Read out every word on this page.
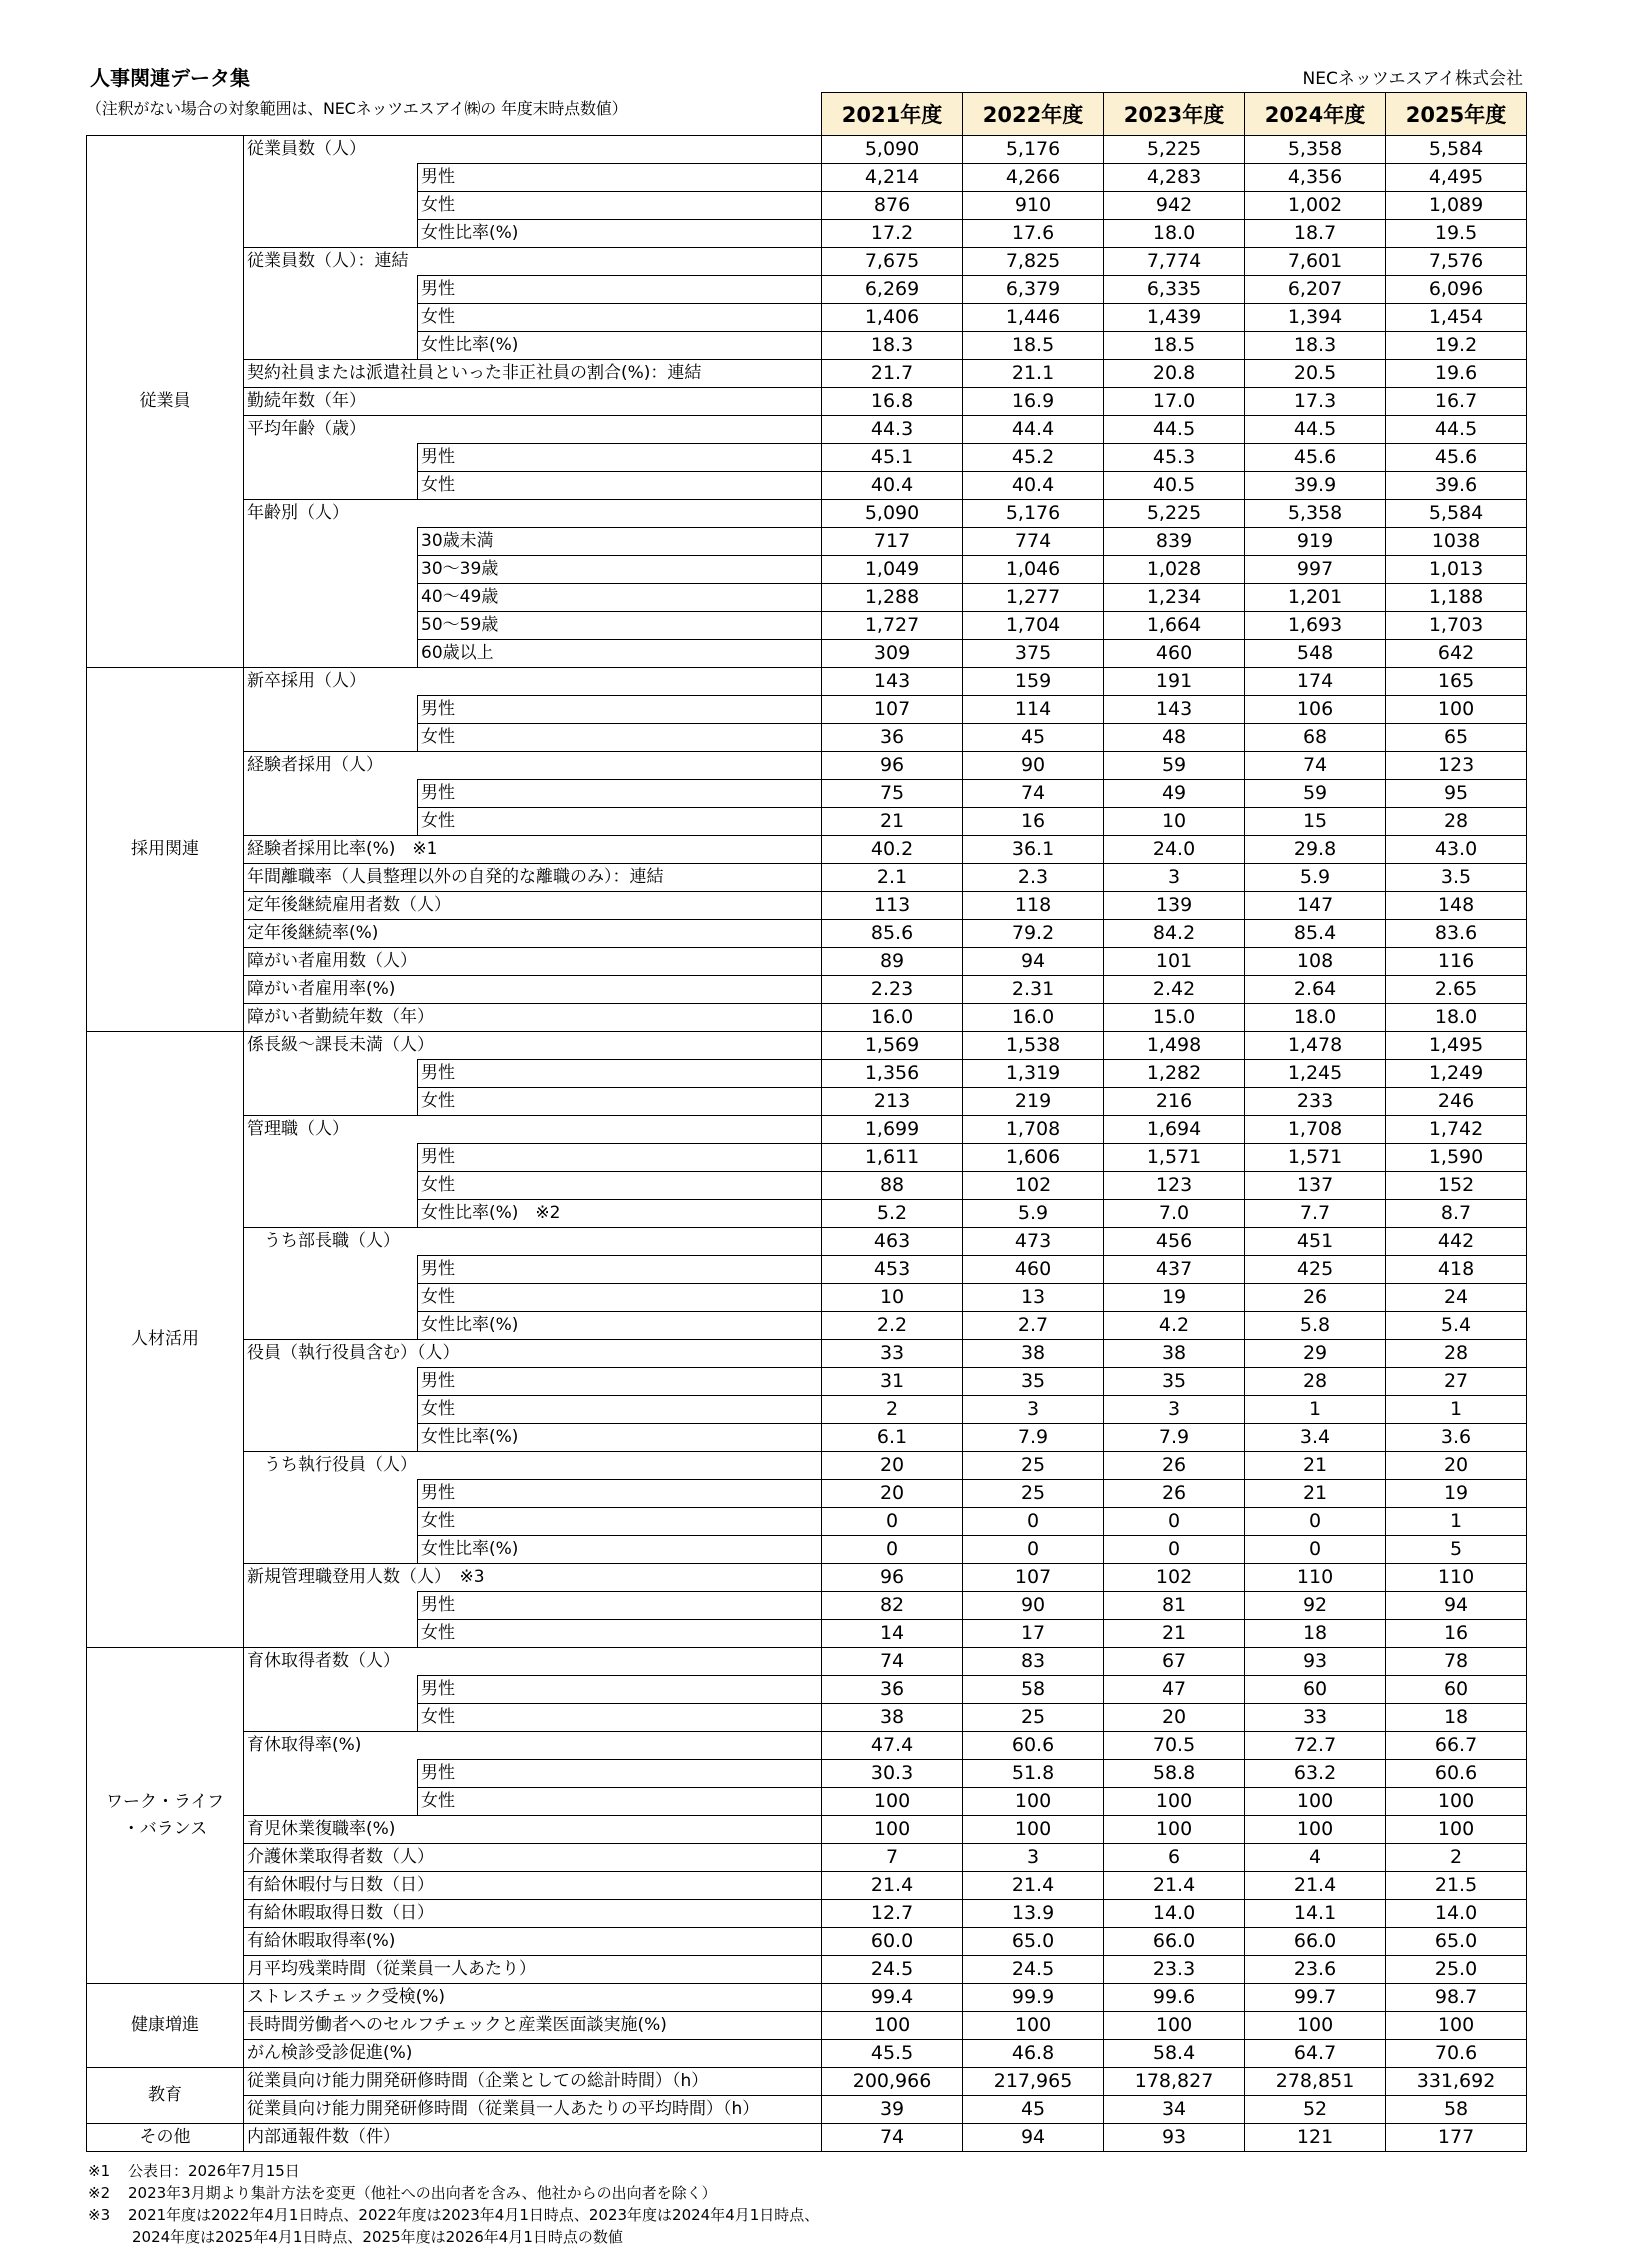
人事関連データ集	NECネッツエスアイ株式会社
（注釈がない場合の対象範囲は、NECネッツエスアイ㈱の 年度末時点数値）
			2021年度	2022年度	2023年度	2024年度	2025年度
従業員	従業員数（人）		5,090	5,176	5,225	5,358	5,584
		男性	4,214	4,266	4,283	4,356	4,495
		女性	876	910	942	1,002	1,089
		女性比率(%)	17.2	17.6	18.0	18.7	19.5
	従業員数（人）：連結		7,675	7,825	7,774	7,601	7,576
		男性	6,269	6,379	6,335	6,207	6,096
		女性	1,406	1,446	1,439	1,394	1,454
		女性比率(%)	18.3	18.5	18.5	18.3	19.2
	契約社員または派遣社員といった非正社員の割合(%)：連結		21.7	21.1	20.8	20.5	19.6
	勤続年数（年）		16.8	16.9	17.0	17.3	16.7
	平均年齢（歳）		44.3	44.4	44.5	44.5	44.5
		男性	45.1	45.2	45.3	45.6	45.6
		女性	40.4	40.4	40.5	39.9	39.6
	年齢別（人）		5,090	5,176	5,225	5,358	5,584
		30歳未満	717	774	839	919	1038
		30～39歳	1,049	1,046	1,028	997	1,013
		40～49歳	1,288	1,277	1,234	1,201	1,188
		50～59歳	1,727	1,704	1,664	1,693	1,703
		60歳以上	309	375	460	548	642
採用関連	新卒採用（人）		143	159	191	174	165
		男性	107	114	143	106	100
		女性	36	45	48	68	65
	経験者採用（人）		96	90	59	74	123
		男性	75	74	49	59	95
		女性	21	16	10	15	28
	経験者採用比率(%)　※1		40.2	36.1	24.0	29.8	43.0
	年間離職率（人員整理以外の自発的な離職のみ）：連結		2.1	2.3	3	5.9	3.5
	定年後継続雇用者数（人）		113	118	139	147	148
	定年後継続率(%)		85.6	79.2	84.2	85.4	83.6
	障がい者雇用数（人）		89	94	101	108	116
	障がい者雇用率(%)		2.23	2.31	2.42	2.64	2.65
	障がい者勤続年数（年）		16.0	16.0	15.0	18.0	18.0
人材活用	係長級～課長未満（人）		1,569	1,538	1,498	1,478	1,495
		男性	1,356	1,319	1,282	1,245	1,249
		女性	213	219	216	233	246
	管理職（人）		1,699	1,708	1,694	1,708	1,742
		男性	1,611	1,606	1,571	1,571	1,590
		女性	88	102	123	137	152
		女性比率(%)　※2	5.2	5.9	7.0	7.7	8.7
	　うち部長職（人）		463	473	456	451	442
		男性	453	460	437	425	418
		女性	10	13	19	26	24
		女性比率(%)	2.2	2.7	4.2	5.8	5.4
	役員（執行役員含む）（人）		33	38	38	29	28
		男性	31	35	35	28	27
		女性	2	3	3	1	1
		女性比率(%)	6.1	7.9	7.9	3.4	3.6
	　うち執行役員（人）		20	25	26	21	20
		男性	20	25	26	21	19
		女性	0	0	0	0	1
		女性比率(%)	0	0	0	0	5
	新規管理職登用人数（人）　※3		96	107	102	110	110
		男性	82	90	81	92	94
		女性	14	17	21	18	16

ワーク・ライフ
・バランス	育休取得者数（人）		74	83	67	93	78
		男性	36	58	47	60	60
		女性	38	25	20	33	18
	育休取得率(%)		47.4	60.6	70.5	72.7	66.7
		男性	30.3	51.8	58.8	63.2	60.6
		女性	100	100	100	100	100
	育児休業復職率(%)		100	100	100	100	100
	介護休業取得者数（人）		7	3	6	4	2
	有給休暇付与日数（日）		21.4	21.4	21.4	21.4	21.5
	有給休暇取得日数（日）		12.7	13.9	14.0	14.1	14.0
	有給休暇取得率(%)		60.0	65.0	66.0	66.0	65.0
	月平均残業時間（従業員一人あたり）		24.5	24.5	23.3	23.6	25.0
健康増進	ストレスチェック受検(%)		99.4	99.9	99.6	99.7	98.7
	長時間労働者へのセルフチェックと産業医面談実施(%)		100	100	100	100	100
	がん検診受診促進(%)		45.5	46.8	58.4	64.7	70.6
教育	従業員向け能力開発研修時間（企業としての総計時間）（h）		200,966	217,965	178,827	278,851	331,692
	従業員向け能力開発研修時間（従業員一人あたりの平均時間）（h）		39	45	34	52	58
その他	内部通報件数（件）		74	94	93	121	177
※1 公表日：2026年7月15日
※2 2023年3月期より集計方法を変更（他社への出向者を含み、他社からの出向者を除く）
※3 2021年度は2022年4月1日時点、2022年度は2023年4月1日時点、2023年度は2024年4月1日時点、
2024年度は2025年4月1日時点、2025年度は2026年4月1日時点の数値
